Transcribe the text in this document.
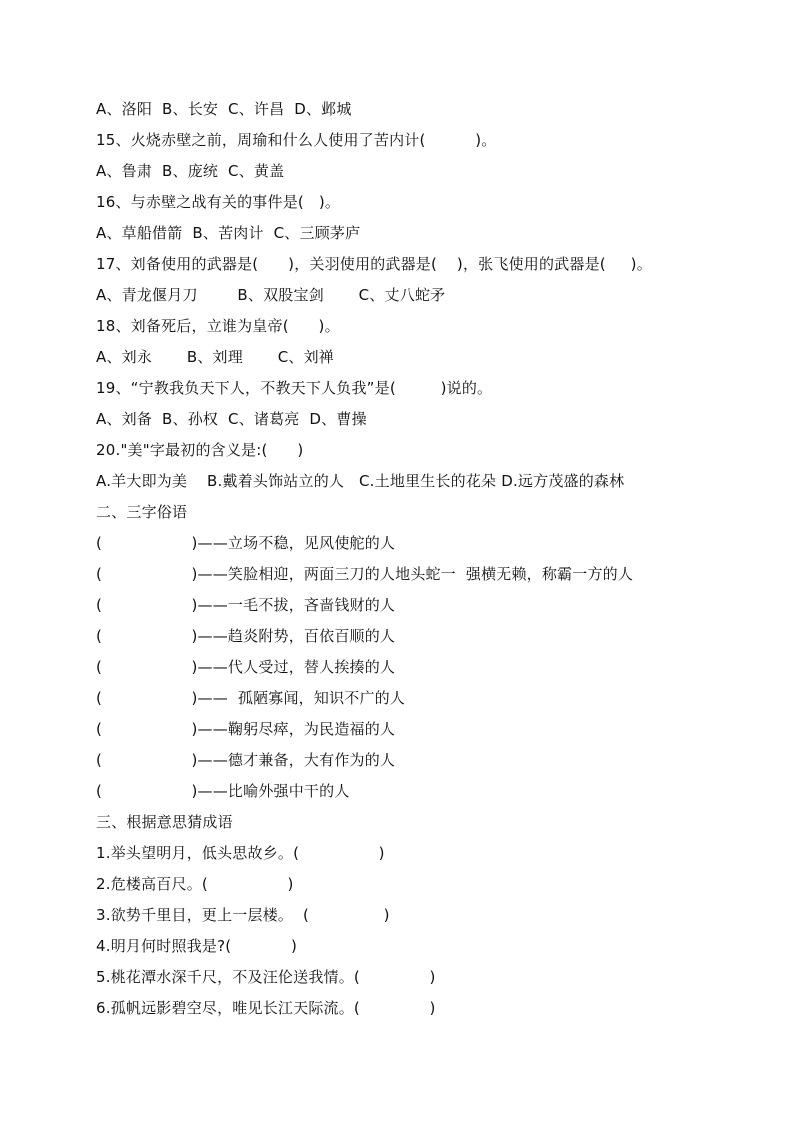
A、洛阳  B、长安  C、许昌  D、邺城
15、火烧赤壁之前，周瑜和什么人使用了苦内计(          )。
A、鲁肃  B、庞统  C、黄盖
16、与赤壁之战有关的事件是(   )。
A、草船借箭  B、苦肉计  C、三顾茅庐
17、刘备使用的武器是(      )，关羽使用的武器是(    )，张飞使用的武器是(     )。
A、青龙偃月刀        B、双股宝剑       C、丈八蛇矛
18、刘备死后，立谁为皇帝(      )。
A、刘永       B、刘理       C、刘禅
19、“宁教我负天下人，不教天下人负我”是(         )说的。
A、刘备  B、孙权  C、诸葛亮  D、曹操
20."美"字最初的含义是:(      )
A.羊大即为美    B.戴着头饰站立的人   C.土地里生长的花朵 D.远方茂盛的森林
二、三字俗语
(                  )——立场不稳，见风使舵的人
(                  )——笑脸相迎，两面三刀的人地头蛇一  强横无赖，称霸一方的人
(                  )——一毛不拔，吝啬钱财的人
(                  )——趋炎附势，百依百顺的人
(                  )——代人受过，替人挨揍的人
(                  )——  孤陋寡闻，知识不广的人
(                  )——鞠躬尽瘁，为民造福的人
(                  )——德才兼备，大有作为的人
(                  )——比喻外强中干的人
三、根据意思猜成语
1.举头望明月，低头思故乡。(                )
2.危楼高百尺。(                )
3.欲势千里目，更上一层楼。  (               )
4.明月何时照我是?(            )
5.桃花潭水深千尺，不及汪伦送我情。(              )
6.孤帆远影碧空尽，唯见长江天际流。(              )
